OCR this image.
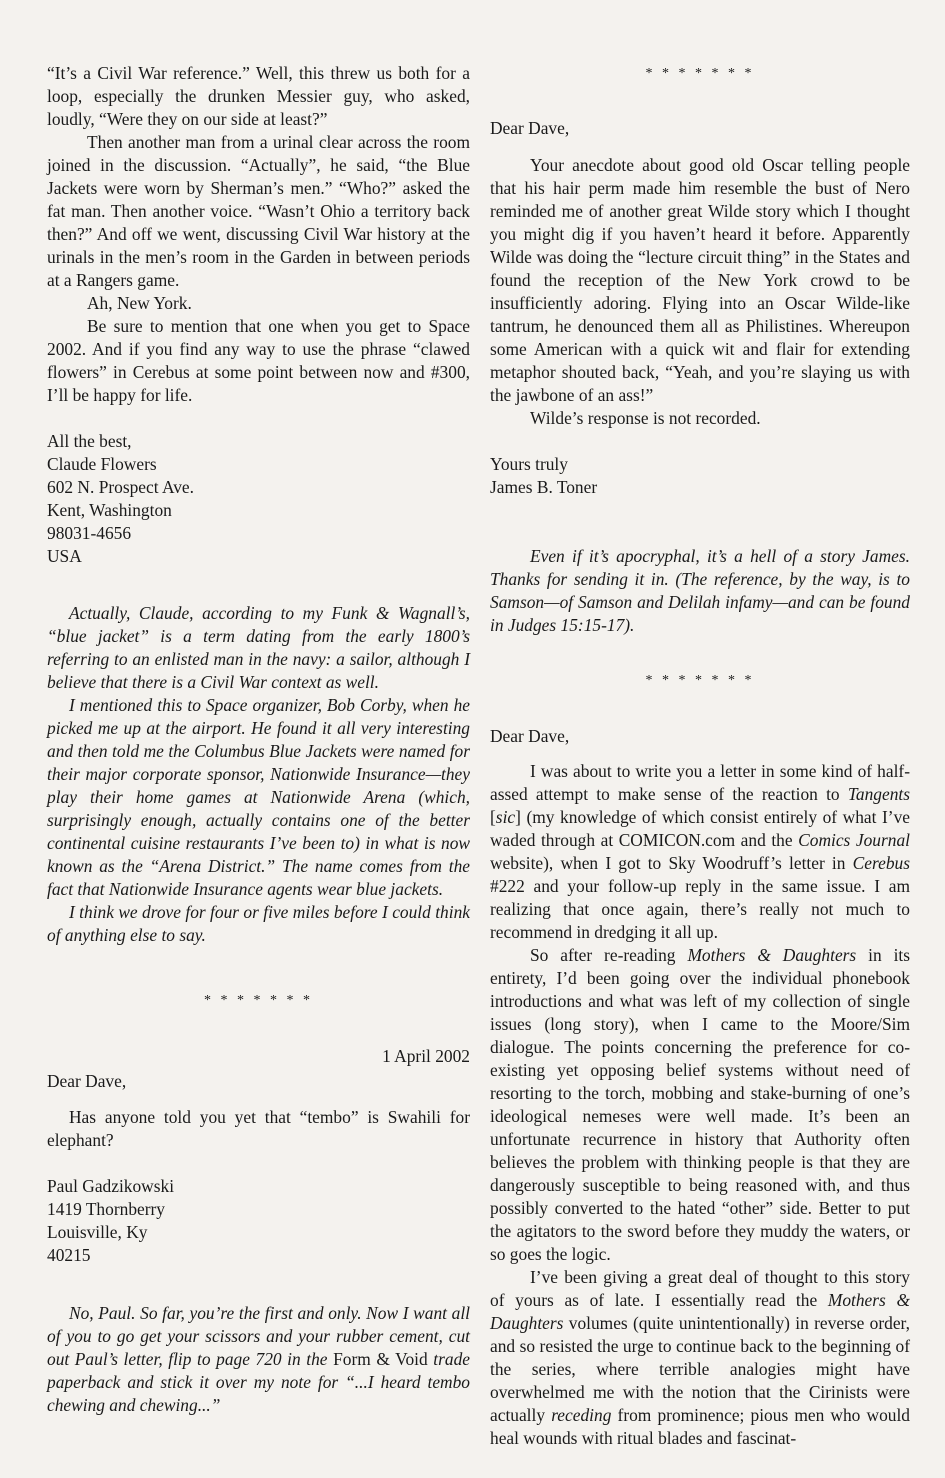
“It’s a Civil War reference.” Well, this threw us both for a loop, especially the drunken Messier guy, who asked, loudly, “Were they on our side at least?”

Then another man from a urinal clear across the room joined in the discussion. “Actually”, he said, “the Blue Jackets were worn by Sherman’s men.” “Who?” asked the fat man. Then another voice. “Wasn’t Ohio a territory back then?” And off we went, discussing Civil War history at the urinals in the men’s room in the Garden in between periods at a Rangers game.

Ah, New York.

Be sure to mention that one when you get to Space 2002. And if you find any way to use the phrase “clawed flowers” in Cerebus at some point between now and #300, I’ll be happy for life.

All the best,
Claude Flowers
602 N. Prospect Ave.
Kent, Washington
98031-4656
USA

Actually, Claude, according to my Funk & Wagnall’s, “blue jacket” is a term dating from the early 1800’s referring to an enlisted man in the navy: a sailor, although I believe that there is a Civil War context as well.

I mentioned this to Space organizer, Bob Corby, when he picked me up at the airport. He found it all very interesting and then told me the Columbus Blue Jackets were named for their major corporate sponsor, Nationwide Insurance—they play their home games at Nationwide Arena (which, surprisingly enough, actually contains one of the better continental cuisine restaurants I’ve been to) in what is now known as the “Arena District.” The name comes from the fact that Nationwide Insurance agents wear blue jackets.

I think we drove for four or five miles before I could think of anything else to say.

* * * * * * *
1 April 2002
Dear Dave,

Has anyone told you yet that “tembo” is Swahili for elephant?

Paul Gadzikowski
1419 Thornberry
Louisville, Ky
40215

No, Paul. So far, you’re the first and only. Now I want all of you to go get your scissors and your rubber cement, cut out Paul’s letter, flip to page 720 in the Form & Void trade paperback and stick it over my note for “...I heard tembo chewing and chewing...”

* * * * * * *
Dear Dave,

Your anecdote about good old Oscar telling people that his hair perm made him resemble the bust of Nero reminded me of another great Wilde story which I thought you might dig if you haven’t heard it before. Apparently Wilde was doing the “lecture circuit thing” in the States and found the reception of the New York crowd to be insufficiently adoring. Flying into an Oscar Wilde-like tantrum, he denounced them all as Philistines. Whereupon some American with a quick wit and flair for extending metaphor shouted back, “Yeah, and you’re slaying us with the jawbone of an ass!”

Wilde’s response is not recorded.

Yours truly
James B. Toner

Even if it’s apocryphal, it’s a hell of a story James. Thanks for sending it in. (The reference, by the way, is to Samson—of Samson and Delilah infamy—and can be found in Judges 15:15-17).

* * * * * * *
Dear Dave,

I was about to write you a letter in some kind of half-assed attempt to make sense of the reaction to Tangents [sic] (my knowledge of which consist entirely of what I’ve waded through at COMICON.com and the Comics Journal website), when I got to Sky Woodruff’s letter in Cerebus #222 and your follow-up reply in the same issue. I am realizing that once again, there’s really not much to recommend in dredging it all up.

So after re-reading Mothers & Daughters in its entirety, I’d been going over the individual phonebook introductions and what was left of my collection of single issues (long story), when I came to the Moore/Sim dialogue. The points concerning the preference for co-existing yet opposing belief systems without need of resorting to the torch, mobbing and stake-burning of one’s ideological nemeses were well made. It’s been an unfortunate recurrence in history that Authority often believes the problem with thinking people is that they are dangerously susceptible to being reasoned with, and thus possibly converted to the hated “other” side. Better to put the agitators to the sword before they muddy the waters, or so goes the logic.

I’ve been giving a great deal of thought to this story of yours as of late. I essentially read the Mothers & Daughters volumes (quite unintentionally) in reverse order, and so resisted the urge to continue back to the beginning of the series, where terrible analogies might have overwhelmed me with the notion that the Cirinists were actually receding from prominence; pious men who would heal wounds with ritual blades and fascinat-
